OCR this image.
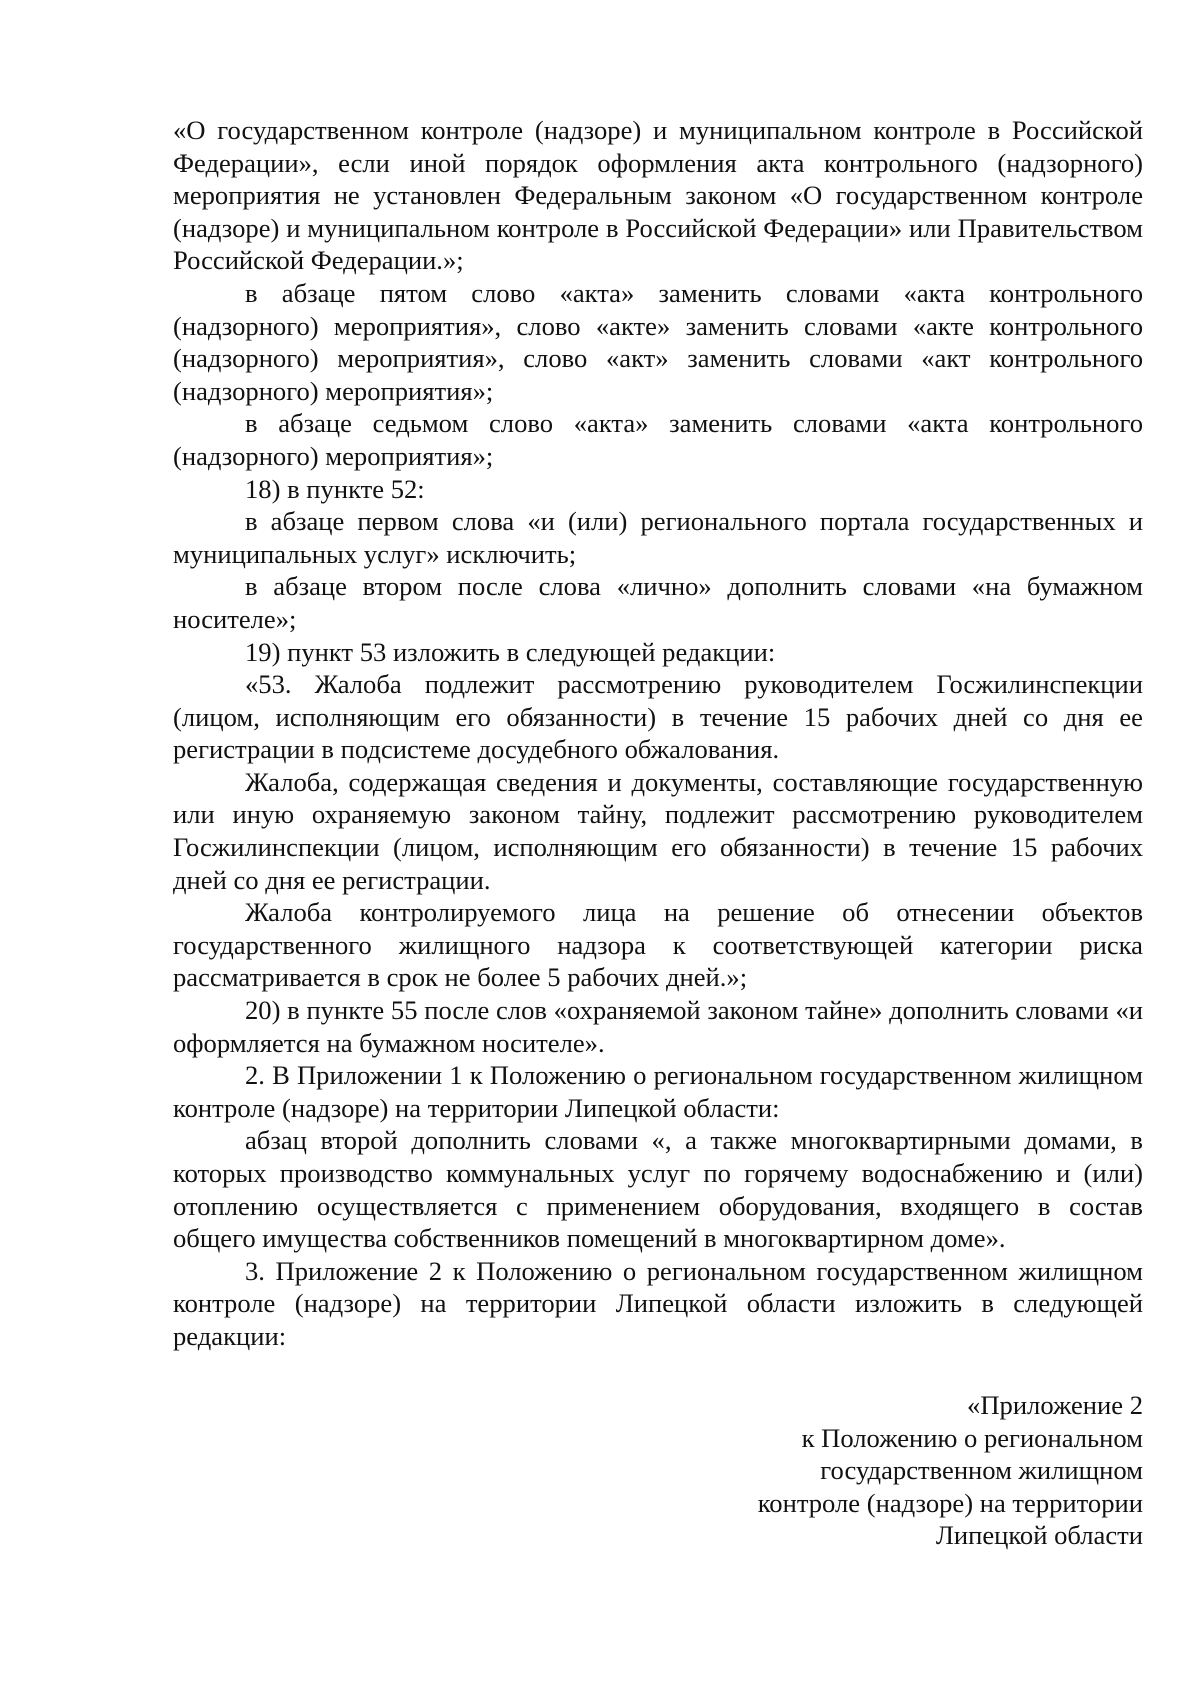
«О государственном контроле (надзоре) и муниципальном контроле в Российской Федерации», если иной порядок оформления акта контрольного (надзорного) мероприятия не установлен Федеральным законом «О государственном контроле (надзоре) и муниципальном контроле в Российской Федерации» или Правительством Российской Федерации.»;

в абзаце пятом слово «акта» заменить словами «акта контрольного (надзорного) мероприятия», слово «акте» заменить словами «акте контрольного (надзорного) мероприятия», слово «акт» заменить словами «акт контрольного (надзорного) мероприятия»;

в абзаце седьмом слово «акта» заменить словами «акта контрольного (надзорного) мероприятия»;

18) в пункте 52:

в абзаце первом слова «и (или) регионального портала государственных и муниципальных услуг» исключить;

в абзаце втором после слова «лично» дополнить словами «на бумажном носителе»;

19) пункт 53 изложить в следующей редакции:

«53. Жалоба подлежит рассмотрению руководителем Госжилинспекции (лицом, исполняющим его обязанности) в течение 15 рабочих дней со дня ее регистрации в подсистеме досудебного обжалования.

Жалоба, содержащая сведения и документы, составляющие государственную или иную охраняемую законом тайну, подлежит рассмотрению руководителем Госжилинспекции (лицом, исполняющим его обязанности) в течение 15 рабочих дней со дня ее регистрации.

Жалоба контролируемого лица на решение об отнесении объектов государственного жилищного надзора к соответствующей категории риска рассматривается в срок не более 5 рабочих дней.»;

20) в пункте 55 после слов «охраняемой законом тайне» дополнить словами «и оформляется на бумажном носителе».

2. В Приложении 1 к Положению о региональном государственном жилищном контроле (надзоре) на территории Липецкой области:

абзац второй дополнить словами «, а также многоквартирными домами, в которых производство коммунальных услуг по горячему водоснабжению и (или) отоплению осуществляется с применением оборудования, входящего в состав общего имущества собственников помещений в многоквартирном доме».

3. Приложение 2 к Положению о региональном государственном жилищном контроле (надзоре) на территории Липецкой области изложить в следующей редакции:

«Приложение 2
к Положению о региональном
государственном жилищном
контроле (надзоре) на территории
Липецкой области
